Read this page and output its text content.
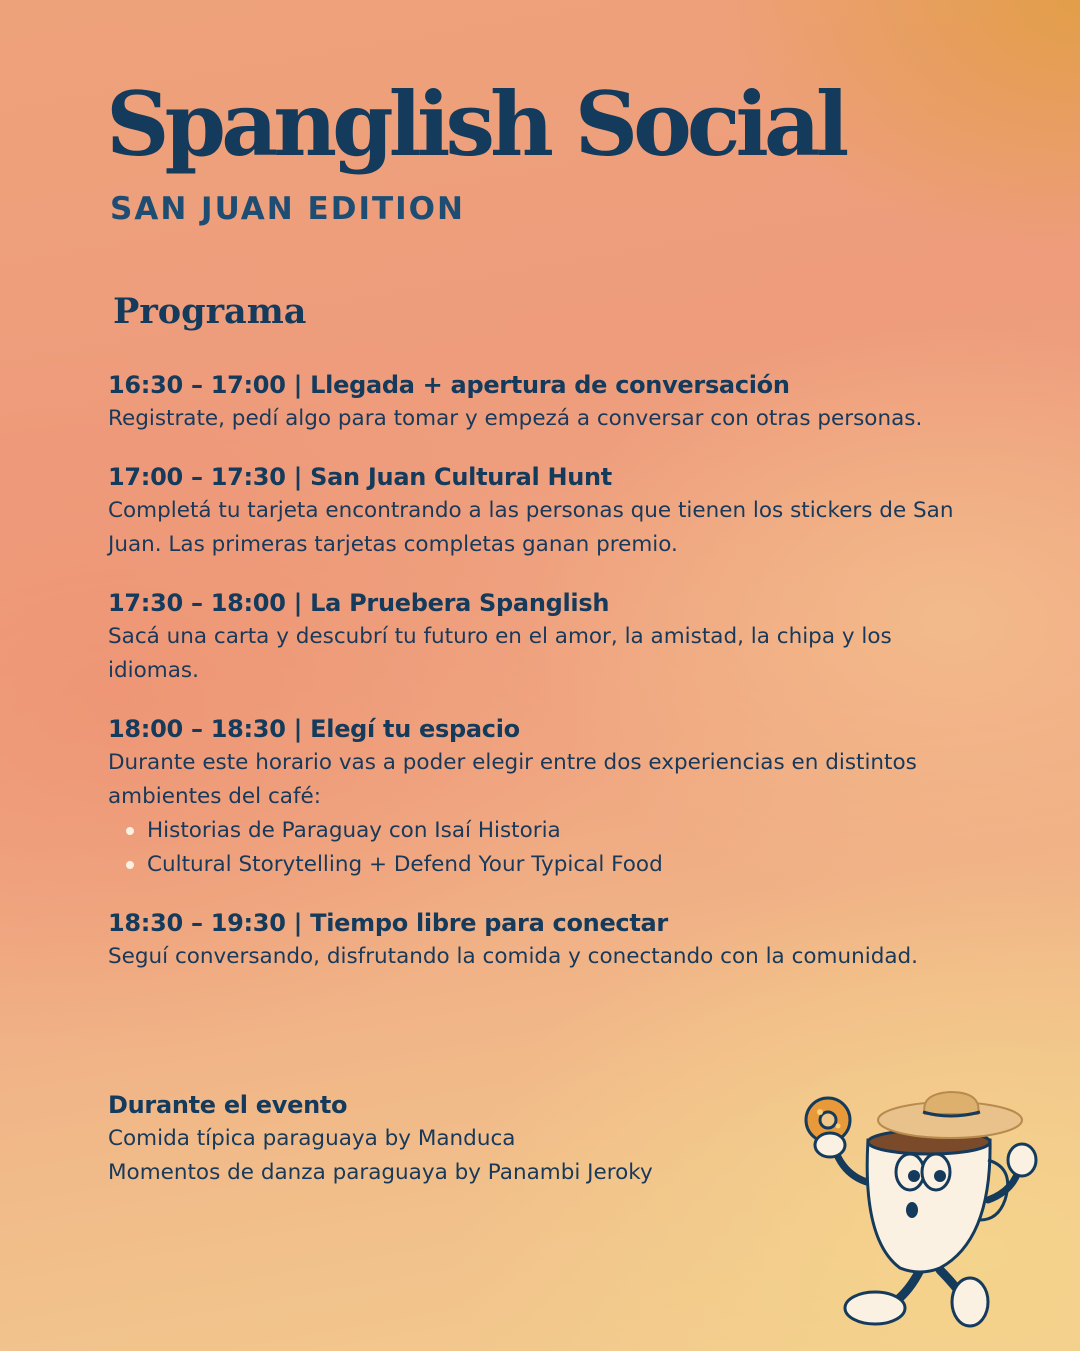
Spanglish Social
SAN JUAN EDITION
Programa

16:30 – 17:00 | Llegada + apertura de conversación

Registrate, pedí algo para tomar y empezá a conversar con otras personas.

17:00 – 17:30 | San Juan Cultural Hunt

Completá tu tarjeta encontrando a las personas que tienen los stickers de San Juan. Las primeras tarjetas completas ganan premio.

17:30 – 18:00 | La Pruebera Spanglish

Sacá una carta y descubrí tu futuro en el amor, la amistad, la chipa y los idiomas.

18:00 – 18:30 | Elegí tu espacio

Durante este horario vas a poder elegir entre dos experiencias en distintos ambientes del café:

Historias de Paraguay con Isaí Historia
Cultural Storytelling + Defend Your Typical Food

18:30 – 19:30 | Tiempo libre para conectar

Seguí conversando, disfrutando la comida y conectando con la comunidad.

Durante el evento

Comida típica paraguaya by Manduca

Momentos de danza paraguaya by Panambi Jeroky
